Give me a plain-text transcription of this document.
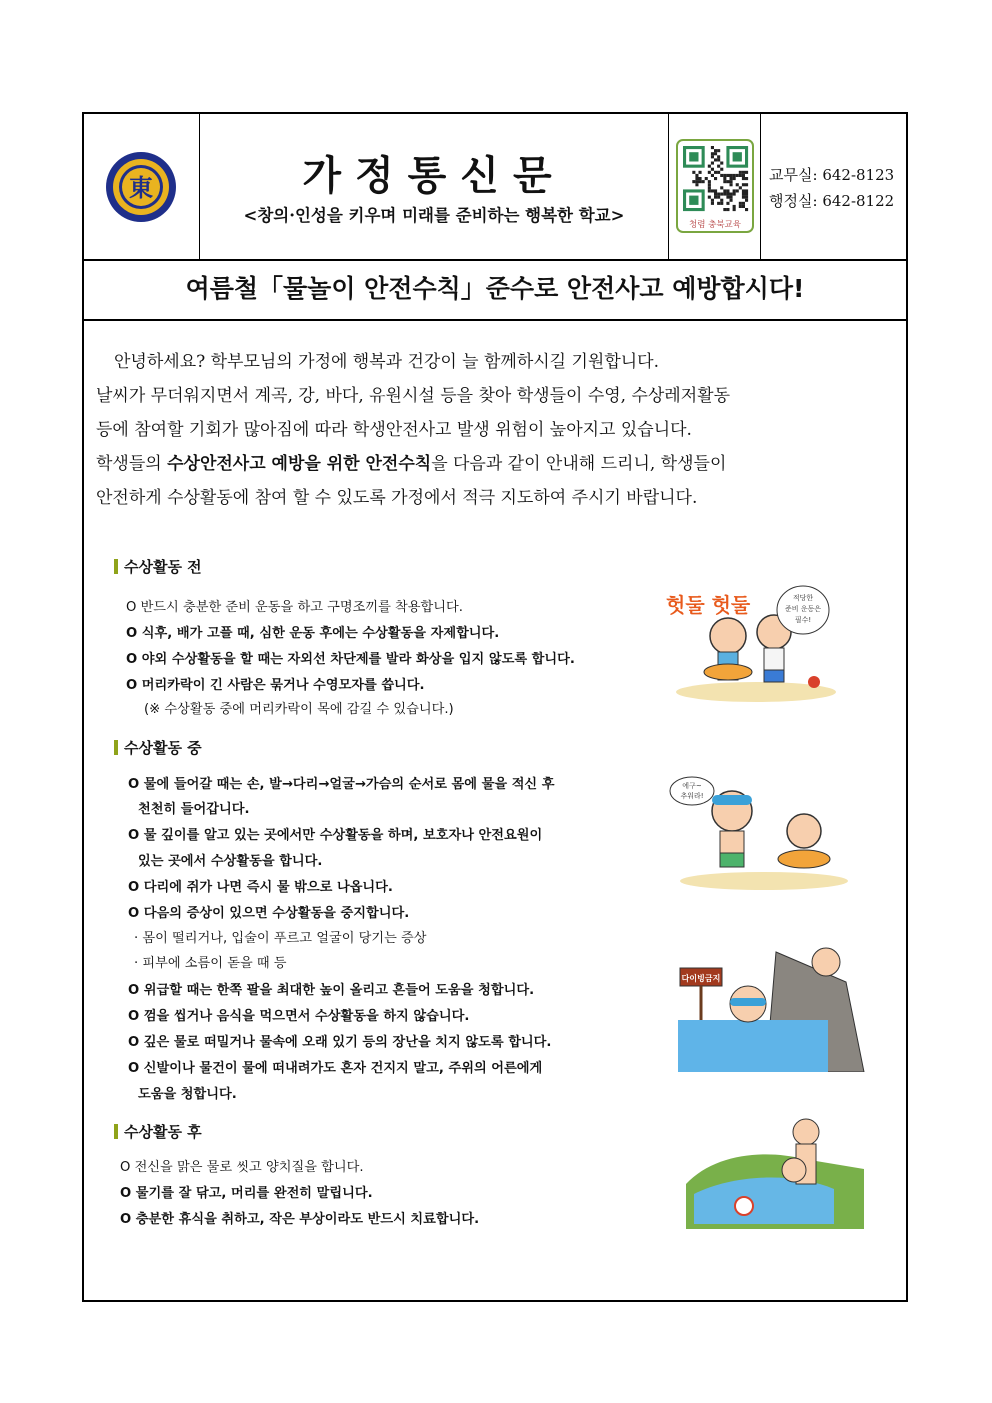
東	가정통신문
<창의·인성을 키우며 미래를 준비하는 행복한 학교>	청렴 충북교육
교무실: 642-8123
행정실: 642-8122
여름철「물놀이 안전수칙」준수로 안전사고 예방합시다!
안녕하세요? 학부모님의 가정에 행복과 건강이 늘 함께하시길 기원합니다.
날씨가 무더워지면서 계곡, 강, 바다, 유원시설 등을 찾아 학생들이 수영, 수상레저활동
등에 참여할 기회가 많아짐에 따라 학생안전사고 발생 위험이 높아지고 있습니다.
학생들의 수상안전사고 예방을 위한 안전수칙을 다음과 같이 안내해 드리니, 학생들이
안전하게 수상활동에 참여 할 수 있도록 가정에서 적극 지도하여 주시기 바랍니다.
수상활동 전
O 반드시 충분한 준비 운동을 하고 구명조끼를 착용합니다.
O 식후, 배가 고플 때, 심한 운동 후에는 수상활동을 자제합니다.
O 야외 수상활동을 할 때는 자외선 차단제를 발라 화상을 입지 않도록 합니다.
O 머리카락이 긴 사람은 묶거나 수영모자를 씁니다.
(※ 수상활동 중에 머리카락이 목에 감길 수 있습니다.)
수상활동 중
O 물에 들어갈 때는 손, 발→다리→얼굴→가슴의 순서로 몸에 물을 적신 후
천천히 들어갑니다.
O 물 깊이를 알고 있는 곳에서만 수상활동을 하며, 보호자나 안전요원이
있는 곳에서 수상활동을 합니다.
O 다리에 쥐가 나면 즉시 물 밖으로 나옵니다.
O 다음의 증상이 있으면 수상활동을 중지합니다.
· 몸이 떨리거나, 입술이 푸르고 얼굴이 당기는 증상
· 피부에 소름이 돋을 때 등
O 위급할 때는 한쪽 팔을 최대한 높이 올리고 흔들어 도움을 청합니다.
O 껌을 씹거나 음식을 먹으면서 수상활동을 하지 않습니다.
O 깊은 물로 떠밀거나 물속에 오래 있기 등의 장난을 치지 않도록 합니다.
O 신발이나 물건이 물에 떠내려가도 혼자 건지지 말고, 주위의 어른에게
도움을 청합니다.
수상활동 후
O 전신을 맑은 물로 씻고 양치질을 합니다.
O 물기를 잘 닦고, 머리를 완전히 말립니다.
O 충분한 휴식을 취하고, 작은 부상이라도 반드시 치료합니다.
헛둘 헛둘	적당한
준비 운동은
필수!
에구~
추워라!
다이빙금지
